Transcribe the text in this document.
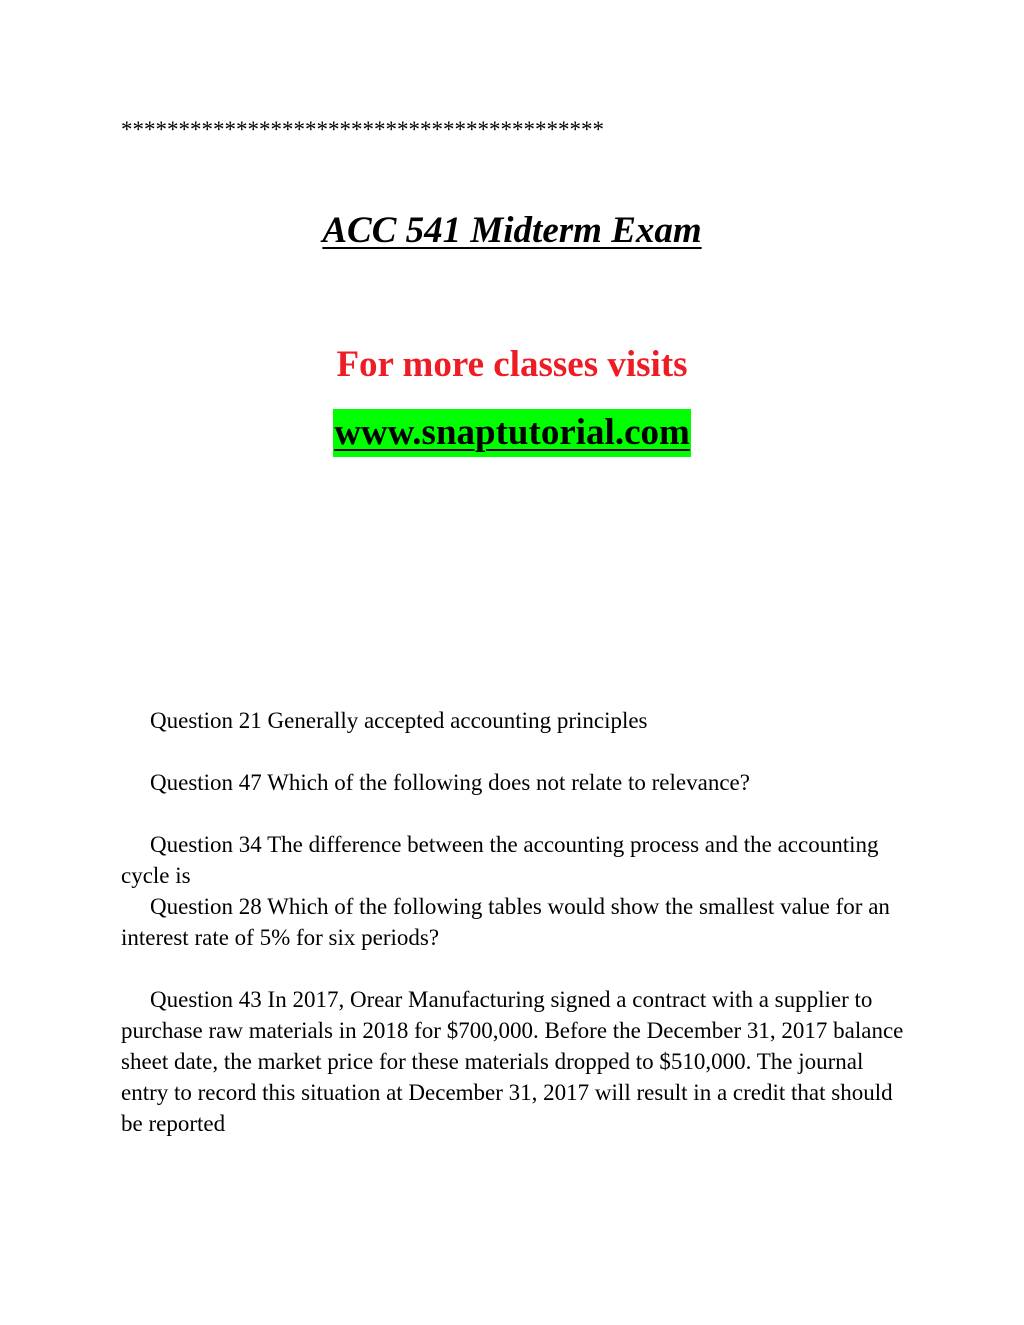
******************************************
ACC 541 Midterm Exam
For more classes visits
www.snaptutorial.com

Question 21 Generally accepted accounting principles

Question 47 Which of the following does not relate to relevance?

Question 34 The difference between the accounting process and the accounting cycle is

Question 28 Which of the following tables would show the smallest value for an interest rate of 5% for six periods?

Question 43 In 2017, Orear Manufacturing signed a contract with a supplier to purchase raw materials in 2018 for $700,000. Before the December 31, 2017 balance sheet date, the market price for these materials dropped to $510,000. The journal entry to record this situation at December 31, 2017 will result in a credit that should be reported
